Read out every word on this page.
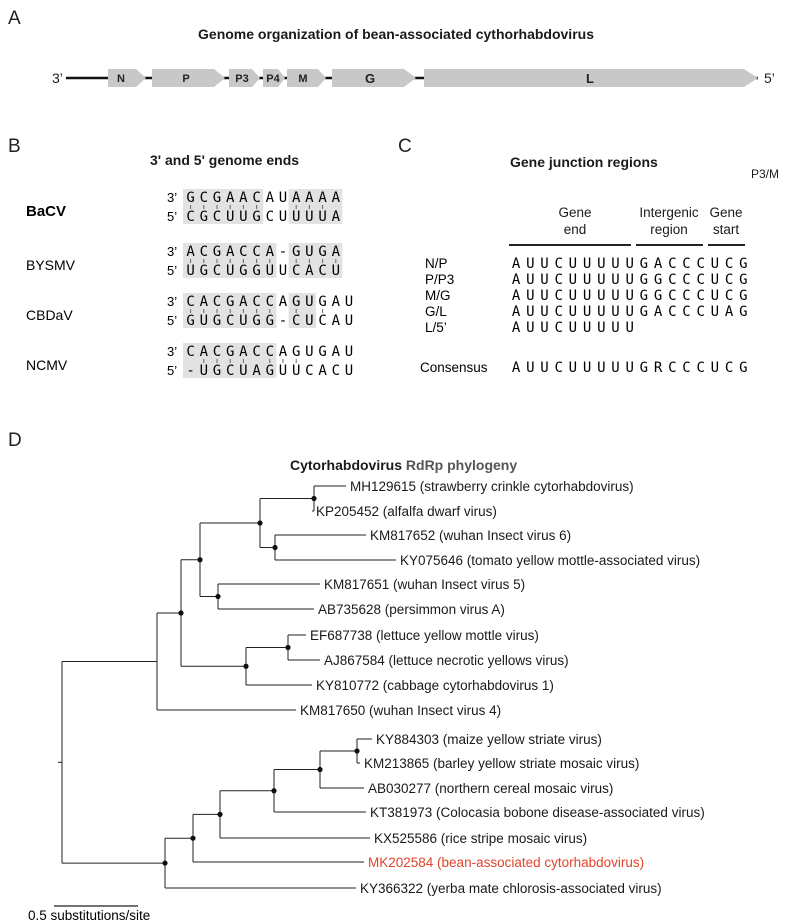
A
Genome organization of bean-associated cythorhabdovirus
3’	N	P	P3 P4 M	G	L	5’
B
3' and 5' genome ends
BaCV
3’
5’
G C G A A C A U A A A A
C G C U U G C U U U U A
BYSMV
3’
5’
A C G A C C A - G U G A
U G C U G G U U C A C U
CBDaV
3’
5’
C A C G A C C A G U G A U
G U G C U G G - C U C A U
NCMV
3’
5’
C A C G A C C A G U G A U
- U G C U A G U U C A C U
C
Gene junction regions
P3/M
Gene
end
Intergenic
region
Gene
start
N/P	A U U C U U U U U G A C C C U C G
P/P3	A U U C U U U U U G G C C C U C G
M/G	A U U C U U U U U G G C C C U C G
G/L	A U U C U U U U U G A C C C U A G
L/5’	A U U C U U U U U
Consensus A U U C U U U U U G R C C C U C G
D
Cytorhabdovirus RdRp phylogeny
MH129615 (strawberry crinkle cytorhabdovirus)
KP205452 (alfalfa dwarf virus)
KM817652 (wuhan Insect virus 6)
KY075646 (tomato yellow mottle-associated virus)
KM817651 (wuhan Insect virus 5)
AB735628 (persimmon virus A)
EF687738 (lettuce yellow mottle virus)
AJ867584 (lettuce necrotic yellows virus)
KY810772 (cabbage cytorhabdovirus 1)
KM817650 (wuhan Insect virus 4)
KY884303 (maize yellow striate virus)
KM213865 (barley yellow striate mosaic virus)
AB030277 (northern cereal mosaic virus)
KT381973 (Colocasia bobone disease-associated virus)
KX525586 (rice stripe mosaic virus)
MK202584 (bean-associated cytorhabdovirus)
KY366322 (yerba mate chlorosis-associated virus)
0.5 substitutions/site
